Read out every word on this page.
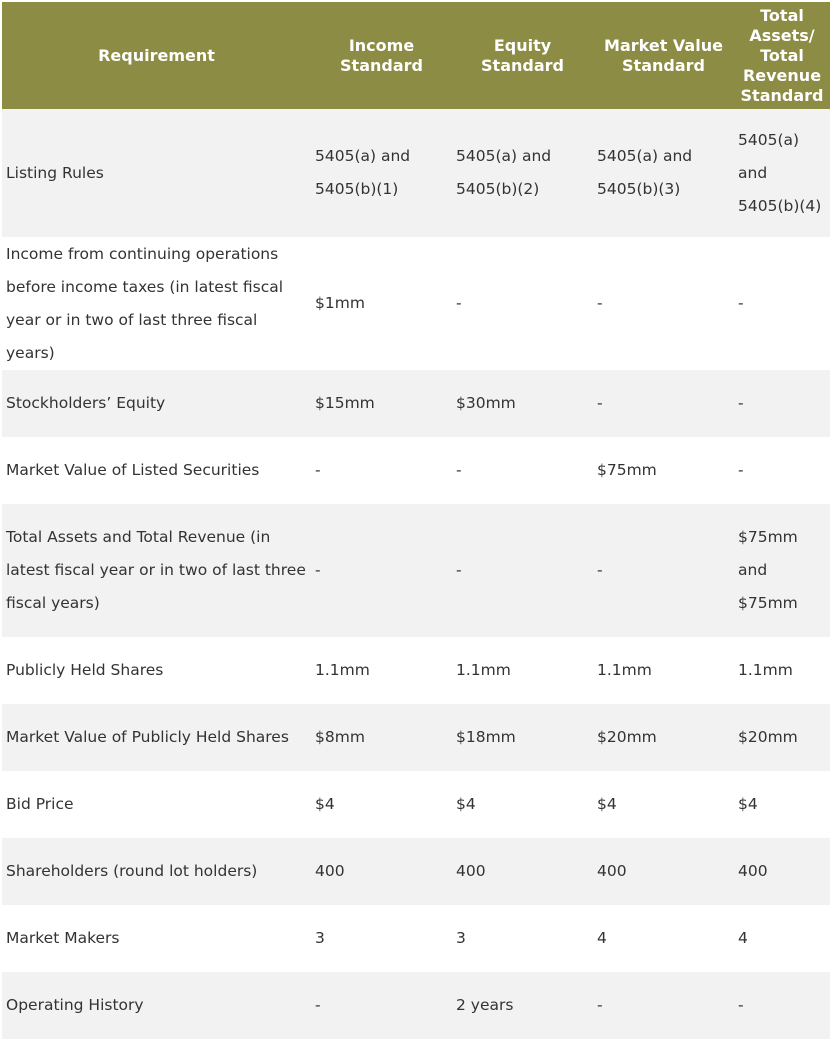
Requirement	Income Standard	Equity Standard	Market Value Standard	Total Assets/ Total Revenue Standard
Listing Rules	5405(a) and 5405(b)(1)	5405(a) and 5405(b)(2)	5405(a) and 5405(b)(3)	5405(a) and 5405(b)(4)
Income from continuing operations before income taxes (in latest fiscal year or in two of last three fiscal years)	$1mm	-	-	-
Stockholders’ Equity	$15mm	$30mm	-	-
Market Value of Listed Securities	-	-	$75mm	-
Total Assets and Total Revenue (in latest fiscal year or in two of last three fiscal years)	-	-	-	$75mm and $75mm
Publicly Held Shares	1.1mm	1.1mm	1.1mm	1.1mm
Market Value of Publicly Held Shares	$8mm	$18mm	$20mm	$20mm
Bid Price	$4	$4	$4	$4
Shareholders (round lot holders)	400	400	400	400
Market Makers	3	3	4	4
Operating History	-	2 years	-	-
